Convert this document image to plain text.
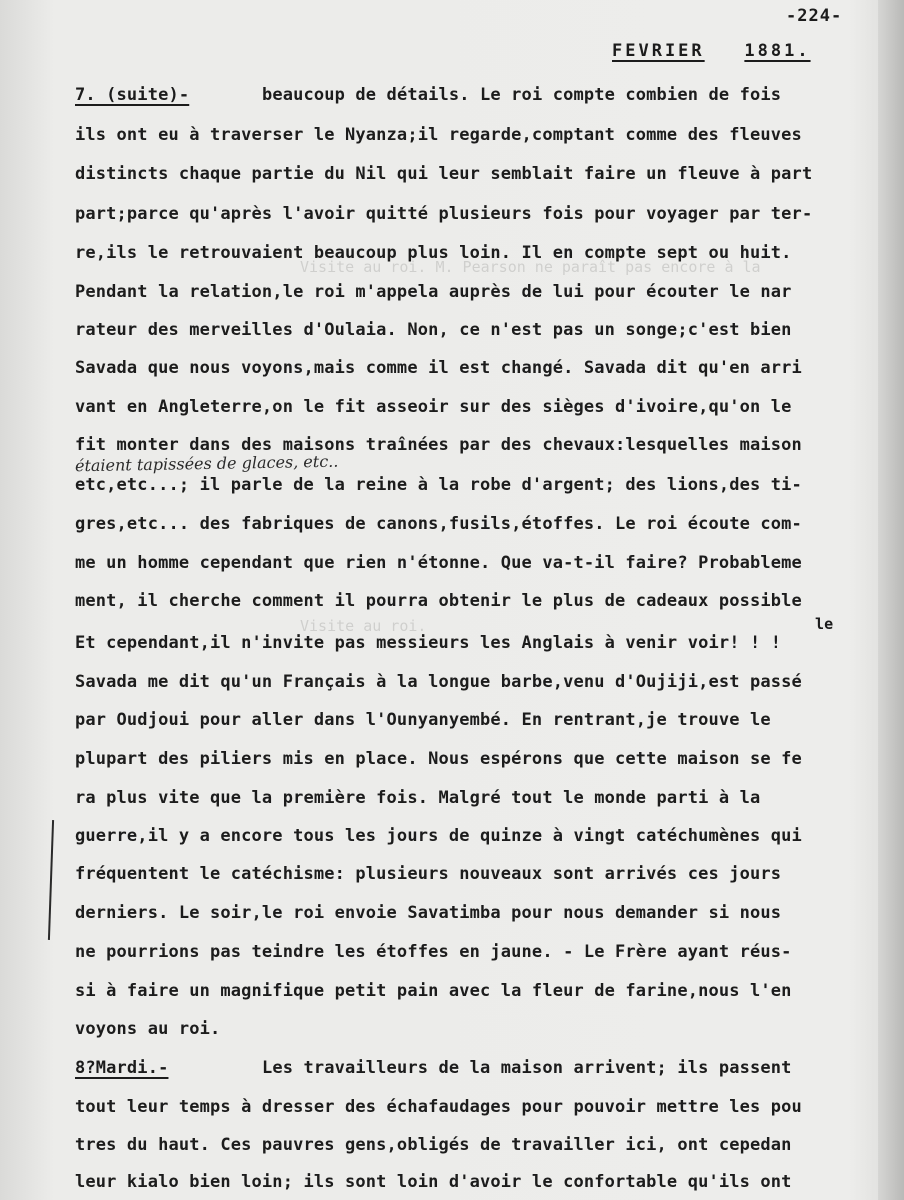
Visite au roi. M. Pearson ne paraît pas encore à la
Visite au roi.
-224-
FEVRIER 1881.
7. (suite)-	beaucoup de détails. Le roi compte combien de fois
ils ont eu à traverser le Nyanza;il regarde,comptant comme des fleuves
distincts chaque partie du Nil qui leur semblait faire un fleuve à part
part;parce qu'après l'avoir quitté plusieurs fois pour voyager par ter-
re,ils le retrouvaient beaucoup plus loin. Il en compte sept ou huit.
Pendant la relation,le roi m'appela auprès de lui pour écouter le nar
rateur des merveilles d'Oulaia. Non, ce n'est pas un songe;c'est bien
Savada que nous voyons,mais comme il est changé. Savada dit qu'en arri
vant en Angleterre,on le fit asseoir sur des sièges d'ivoire,qu'on le
fit monter dans des maisons traînées par des chevaux:lesquelles maison
étaient tapissées de glaces, etc..
etc,etc...; il parle de la reine à la robe d'argent; des lions,des ti-
gres,etc... des fabriques de canons,fusils,étoffes. Le roi écoute com-
me un homme cependant que rien n'étonne. Que va-t-il faire? Probableme
ment, il cherche comment il pourra obtenir le plus de cadeaux possible
le
Et cependant,il n'invite pas messieurs les Anglais à venir voir! ! !
Savada me dit qu'un Français à la longue barbe,venu d'Oujiji,est passé
par Oudjoui pour aller dans l'Ounyanyembé. En rentrant,je trouve le
plupart des piliers mis en place. Nous espérons que cette maison se fe
ra plus vite que la première fois. Malgré tout le monde parti à la
guerre,il y a encore tous les jours de quinze à vingt catéchumènes qui
fréquentent le catéchisme: plusieurs nouveaux sont arrivés ces jours
derniers. Le soir,le roi envoie Savatimba pour nous demander si nous
ne pourrions pas teindre les étoffes en jaune. - Le Frère ayant réus-
si à faire un magnifique petit pain avec la fleur de farine,nous l'en
voyons au roi.
8?Mardi.-	Les travailleurs de la maison arrivent; ils passent
tout leur temps à dresser des échafaudages pour pouvoir mettre les pou
tres du haut. Ces pauvres gens,obligés de travailler ici, ont cepedan
leur kialo bien loin; ils sont loin d'avoir le confortable qu'ils ont
